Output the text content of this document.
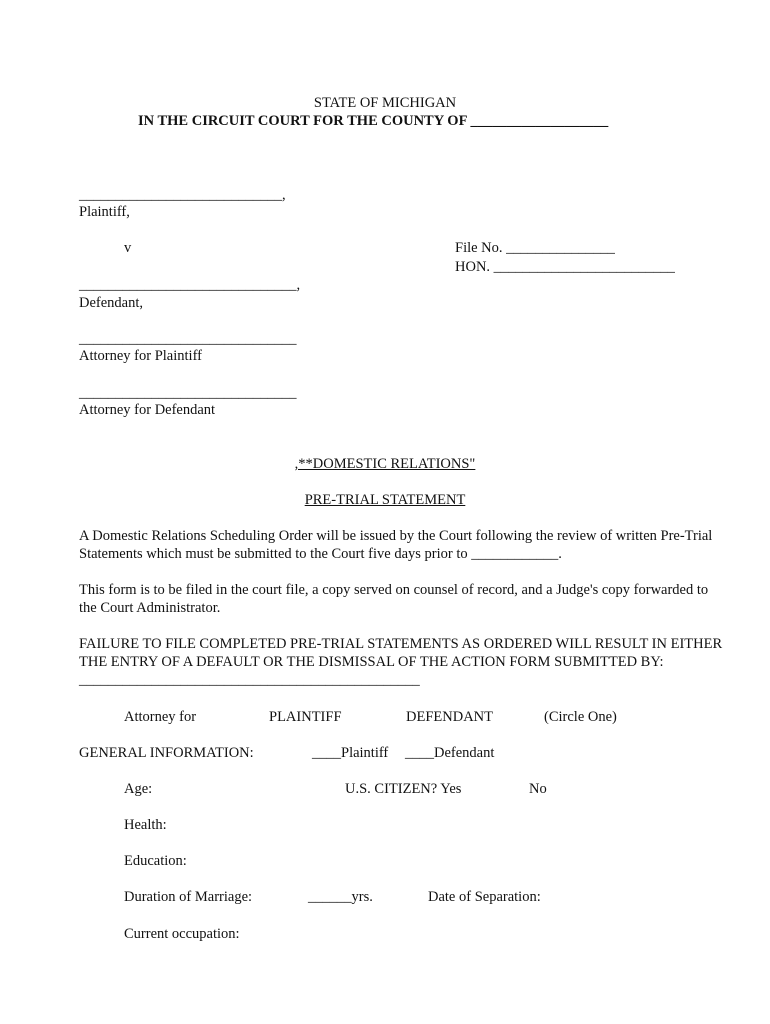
STATE OF MICHIGAN
IN THE CIRCUIT COURT FOR THE COUNTY OF ___________________
____________________________,
Plaintiff,
v	File No. _______________
HON. _________________________
______________________________,
Defendant,
______________________________
Attorney for Plaintiff
______________________________
Attorney for Defendant
,**DOMESTIC RELATIONS"
PRE-TRIAL STATEMENT
A Domestic Relations Scheduling Order will be issued by the Court following the review of written Pre-Trial Statements which must be submitted to the Court five days prior to ____________.
This form is to be filed in the court file, a copy served on counsel of record, and a Judge's copy forwarded to the Court Administrator.
FAILURE TO FILE COMPLETED PRE-TRIAL STATEMENTS AS ORDERED WILL RESULT IN EITHER THE ENTRY OF A DEFAULT OR THE DISMISSAL OF THE ACTION FORM SUBMITTED BY: _______________________________________________
Attorney for	PLAINTIFF	DEFENDANT	(Circle One)
GENERAL INFORMATION:	____Plaintiff ____Defendant
Age:	U.S. CITIZEN? Yes	No
Health:
Education:
Duration of Marriage:	______yrs.	Date of Separation:
Current occupation:
